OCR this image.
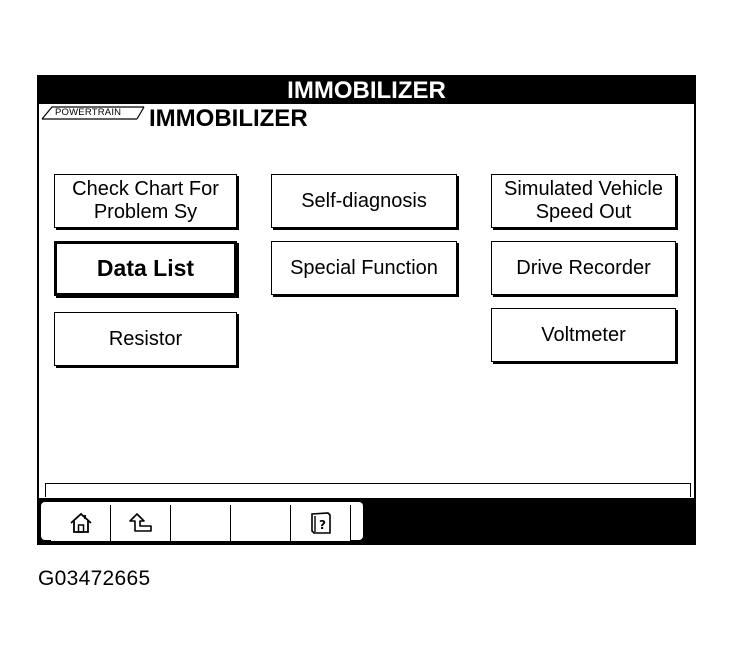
IMMOBILIZER
POWERTRAIN IMMOBILIZER
Check Chart For Problem Sy
Self-diagnosis
Simulated Vehicle Speed Out
Data List	Special Function	Drive Recorder
Resistor	Voltmeter
?
G03472665
